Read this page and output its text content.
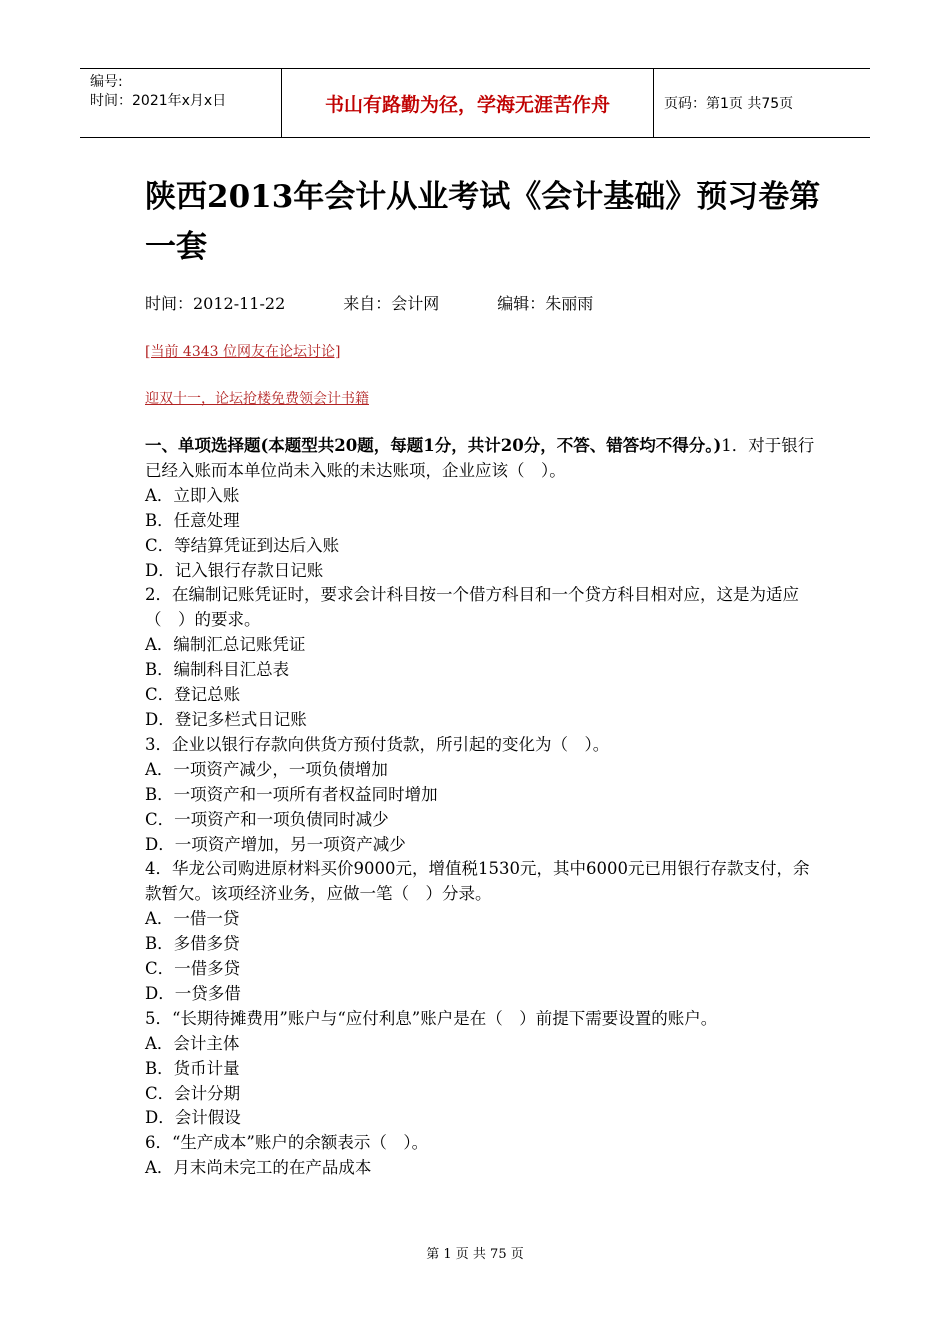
编号:
时间：2021年x月x日	书山有路勤为径，学海无涯苦作舟	页码：第1页 共75页
陕西2013年会计从业考试《会计基础》预习卷第一套
时间：2012-11-22	来自：会计网	编辑：朱丽雨
[当前 4343 位网友在论坛讨论]
迎双十一，论坛抢楼免费领会计书籍
一、单项选择题(本题型共20题，每题1分，共计20分，不答、错答均不得分。)1．对于银行已经入账而本单位尚未入账的未达账项，企业应该（　）。
A．立即入账
B．任意处理
C．等结算凭证到达后入账
D．记入银行存款日记账
2．在编制记账凭证时，要求会计科目按一个借方科目和一个贷方科目相对应，这是为适应（　）的要求。
A．编制汇总记账凭证
B．编制科目汇总表
C．登记总账
D．登记多栏式日记账
3．企业以银行存款向供货方预付货款，所引起的变化为（　）。
A．一项资产减少，一项负债增加
B．一项资产和一项所有者权益同时增加
C．一项资产和一项负债同时减少
D．一项资产增加，另一项资产减少
4．华龙公司购进原材料买价9000元，增值税1530元，其中6000元已用银行存款支付，余款暂欠。该项经济业务，应做一笔（　）分录。
A．一借一贷
B．多借多贷
C．一借多贷
D．一贷多借
5．“长期待摊费用”账户与“应付利息”账户是在（　）前提下需要设置的账户。
A．会计主体
B．货币计量
C．会计分期
D．会计假设
6．“生产成本”账户的余额表示（　）。
A．月末尚未完工的在产品成本
第 1 页 共 75 页
